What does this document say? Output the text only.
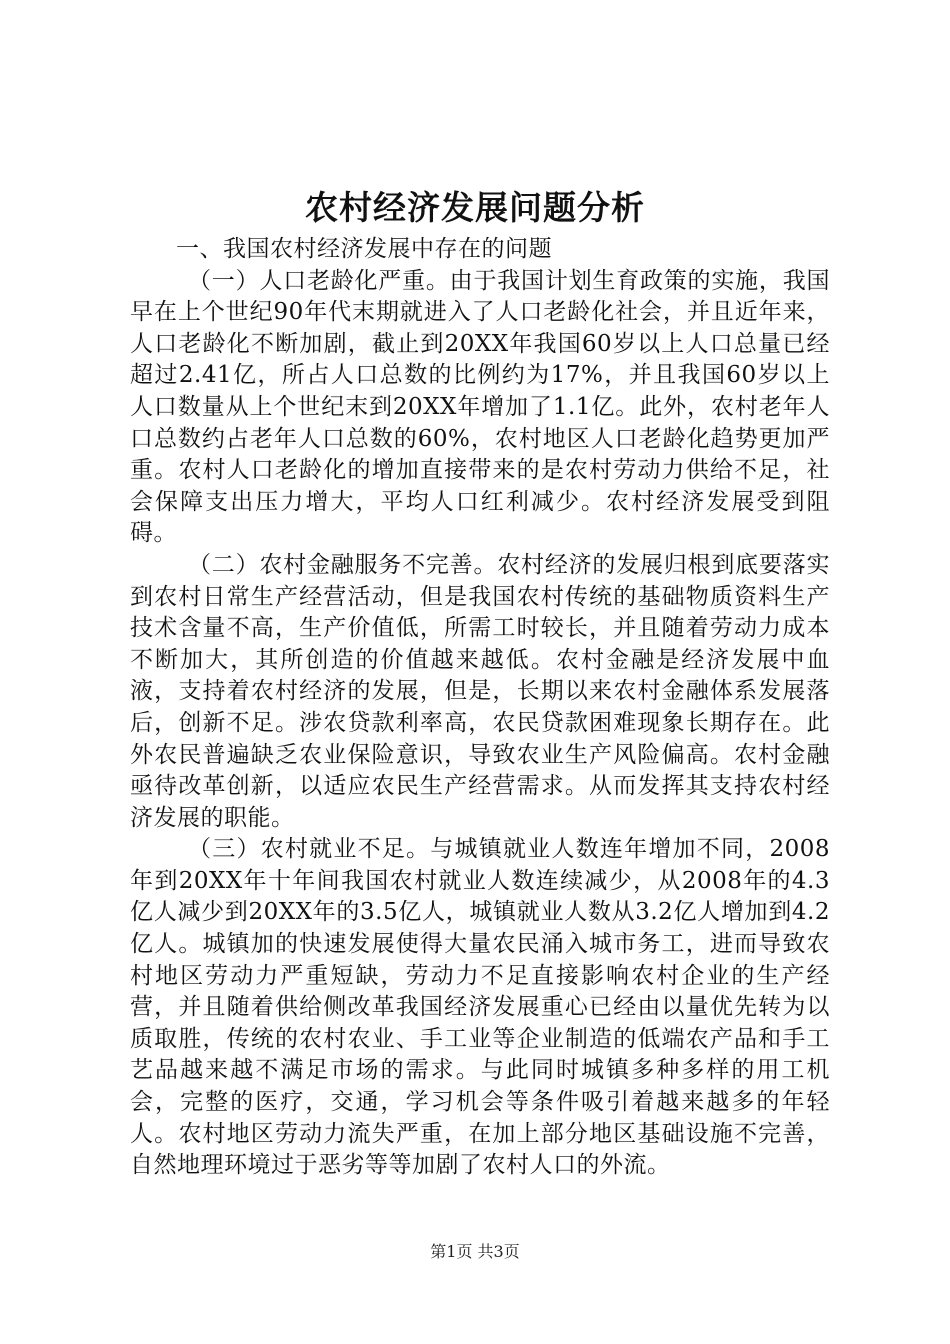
农村经济发展问题分析
一、我国农村经济发展中存在的问题

（一）人口老龄化严重。由于我国计划生育政策的实施，我国早在上个世纪90年代末期就进入了人口老龄化社会，并且近年来，人口老龄化不断加剧，截止到20XX年我国60岁以上人口总量已经超过2.41亿，所占人口总数的比例约为17%，并且我国60岁以上人口数量从上个世纪末到20XX年增加了1.1亿。此外，农村老年人口总数约占老年人口总数的60%，农村地区人口老龄化趋势更加严重。农村人口老龄化的增加直接带来的是农村劳动力供给不足，社会保障支出压力增大，平均人口红利减少。农村经济发展受到阻碍。

（二）农村金融服务不完善。农村经济的发展归根到底要落实到农村日常生产经营活动，但是我国农村传统的基础物质资料生产技术含量不高，生产价值低，所需工时较长，并且随着劳动力成本不断加大，其所创造的价值越来越低。农村金融是经济发展中血液，支持着农村经济的发展，但是，长期以来农村金融体系发展落后，创新不足。涉农贷款利率高，农民贷款困难现象长期存在。此外农民普遍缺乏农业保险意识，导致农业生产风险偏高。农村金融亟待改革创新，以适应农民生产经营需求。从而发挥其支持农村经济发展的职能。

（三）农村就业不足。与城镇就业人数连年增加不同，2008年到20XX年十年间我国农村就业人数连续减少，从2008年的4.3亿人减少到20XX年的3.5亿人，城镇就业人数从3.2亿人增加到4.2亿人。城镇加的快速发展使得大量农民涌入城市务工，进而导致农村地区劳动力严重短缺，劳动力不足直接影响农村企业的生产经营，并且随着供给侧改革我国经济发展重心已经由以量优先转为以质取胜，传统的农村农业、手工业等企业制造的低端农产品和手工艺品越来越不满足市场的需求。与此同时城镇多种多样的用工机会，完整的医疗，交通，学习机会等条件吸引着越来越多的年轻人。农村地区劳动力流失严重，在加上部分地区基础设施不完善，自然地理环境过于恶劣等等加剧了农村人口的外流。

第1页 共3页
